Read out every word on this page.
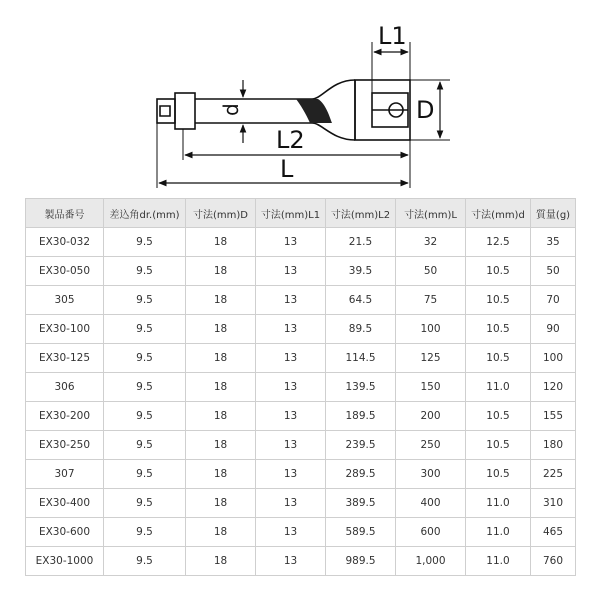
L1
D
d
L2
L
製品番号	差込角dr.(mm)	寸法(mm)D	寸法(mm)L1	寸法(mm)L2	寸法(mm)L	寸法(mm)d	質量(g)
EX30-032	9.5	18	13	21.5	32	12.5	35
EX30-050	9.5	18	13	39.5	50	10.5	50
305	9.5	18	13	64.5	75	10.5	70
EX30-100	9.5	18	13	89.5	100	10.5	90
EX30-125	9.5	18	13	114.5	125	10.5	100
306	9.5	18	13	139.5	150	11.0	120
EX30-200	9.5	18	13	189.5	200	10.5	155
EX30-250	9.5	18	13	239.5	250	10.5	180
307	9.5	18	13	289.5	300	10.5	225
EX30-400	9.5	18	13	389.5	400	11.0	310
EX30-600	9.5	18	13	589.5	600	11.0	465
EX30-1000	9.5	18	13	989.5	1,000	11.0	760
